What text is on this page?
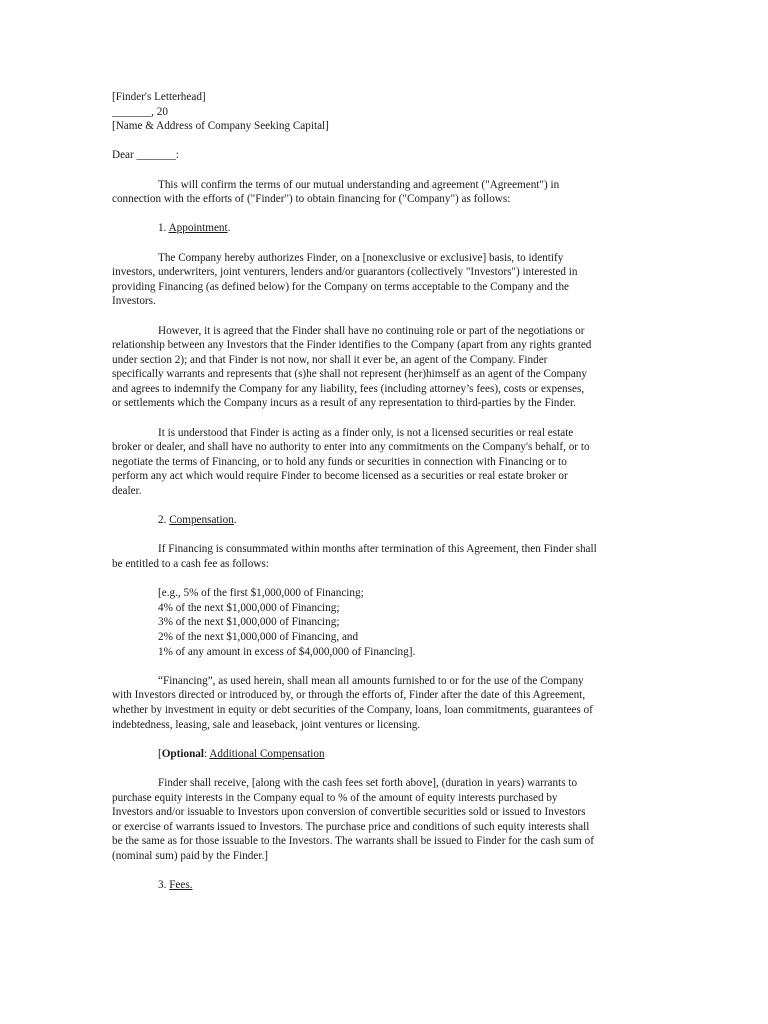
[Finder's Letterhead]
_______, 20
[Name & Address of Company Seeking Capital]
Dear _______:
This will confirm the terms of our mutual understanding and agreement ("Agreement") in
connection with the efforts of ("Finder") to obtain financing for ("Company") as follows:
1. Appointment.
The Company hereby authorizes Finder, on a [nonexclusive or exclusive] basis, to identify
investors, underwriters, joint venturers, lenders and/or guarantors (collectively "Investors") interested in
providing Financing (as defined below) for the Company on terms acceptable to the Company and the
Investors.
However, it is agreed that the Finder shall have no continuing role or part of the negotiations or
relationship between any Investors that the Finder identifies to the Company (apart from any rights granted
under section 2); and that Finder is not now, nor shall it ever be, an agent of the Company. Finder
specifically warrants and represents that (s)he shall not represent (her)himself as an agent of the Company
and agrees to indemnify the Company for any liability, fees (including attorney’s fees), costs or expenses,
or settlements which the Company incurs as a result of any representation to third-parties by the Finder.
It is understood that Finder is acting as a finder only, is not a licensed securities or real estate
broker or dealer, and shall have no authority to enter into any commitments on the Company's behalf, or to
negotiate the terms of Financing, or to hold any funds or securities in connection with Financing or to
perform any act which would require Finder to become licensed as a securities or real estate broker or
dealer.
2. Compensation.
If Financing is consummated within months after termination of this Agreement, then Finder shall
be entitled to a cash fee as follows:
[e.g., 5% of the first $1,000,000 of Financing;
4% of the next $1,000,000 of Financing;
3% of the next $1,000,000 of Financing;
2% of the next $1,000,000 of Financing, and
1% of any amount in excess of $4,000,000 of Financing].
“Financing”, as used herein, shall mean all amounts furnished to or for the use of the Company
with Investors directed or introduced by, or through the efforts of, Finder after the date of this Agreement,
whether by investment in equity or debt securities of the Company, loans, loan commitments, guarantees of
indebtedness, leasing, sale and leaseback, joint ventures or licensing.
[Optional: Additional Compensation
Finder shall receive, [along with the cash fees set forth above], (duration in years) warrants to
purchase equity interests in the Company equal to % of the amount of equity interests purchased by
Investors and/or issuable to Investors upon conversion of convertible securities sold or issued to Investors
or exercise of warrants issued to Investors. The purchase price and conditions of such equity interests shall
be the same as for those issuable to the Investors. The warrants shall be issued to Finder for the cash sum of
(nominal sum) paid by the Finder.]
3. Fees.
